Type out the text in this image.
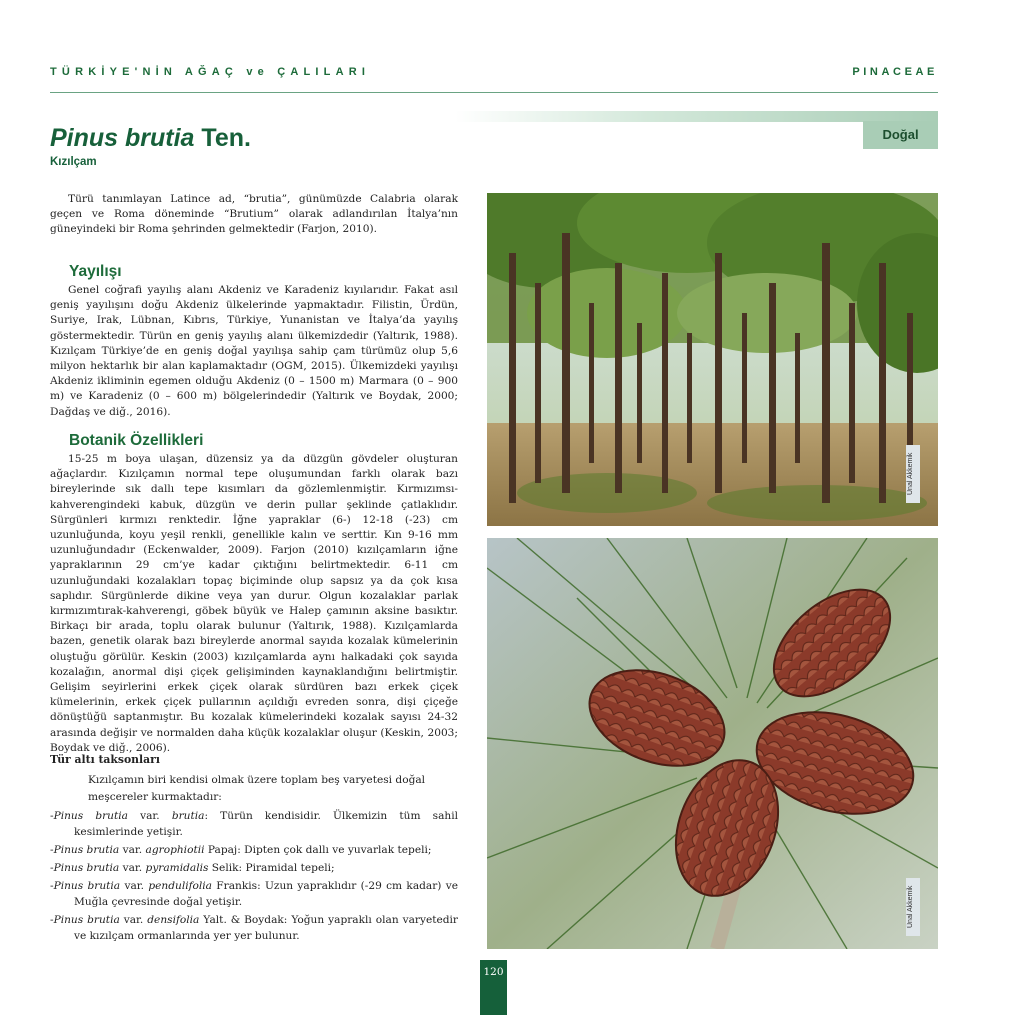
TÜRKİYE'NİN AĞAÇ ve ÇALILARI	PINACEAE
Doğal
Pinus brutia Ten.
Kızılçam

Türü tanımlayan Latince ad, “brutia”, günümüzde Calabria olarak geçen ve Roma döneminde “Brutium” olarak adlandırılan İtalya’nın güneyindeki bir Roma şehrinden gelmektedir (Farjon, 2010).

Yayılışı

Genel coğrafi yayılış alanı Akdeniz ve Karadeniz kıyılarıdır. Fakat asıl geniş yayılışını doğu Akdeniz ülkelerinde yapmaktadır. Filistin, Ürdün, Suriye, Irak, Lübnan, Kıbrıs, Türkiye, Yunanistan ve İtalya’da yayılış göstermektedir. Türün en geniş yayılış alanı ülkemizdedir (Yaltırık, 1988). Kızılçam Türkiye’de en geniş doğal yayılışa sahip çam türümüz olup 5,6 milyon hektarlık bir alan kaplamaktadır (OGM, 2015). Ülkemizdeki yayılışı Akdeniz ikliminin egemen olduğu Akdeniz (0 – 1500 m) Marmara (0 – 900 m) ve Karadeniz (0 – 600 m) bölgelerindedir (Yaltırık ve Boydak, 2000; Dağdaş ve diğ., 2016).

Botanik Özellikleri

15-25 m boya ulaşan, düzensiz ya da düzgün gövdeler oluşturan ağaçlardır. Kızılçamın normal tepe oluşumundan farklı olarak bazı bireylerinde sık dallı tepe kısımları da gözlemlenmiştir. Kırmızımsı-kahverengindeki kabuk, düzgün ve derin pullar şeklinde çatlaklıdır. Sürgünleri kırmızı renktedir. İğne yapraklar (6-) 12-18 (-23) cm uzunluğunda, koyu yeşil renkli, genellikle kalın ve serttir. Kın 9-16 mm uzunluğundadır (Eckenwalder, 2009). Farjon (2010) kızılçamların iğne yapraklarının 29 cm’ye kadar çıktığını belirtmektedir. 6-11 cm uzunluğundaki kozalakları topaç biçiminde olup sapsız ya da çok kısa saplıdır. Sürgünlerde dikine veya yan durur. Olgun kozalaklar parlak kırmızımtırak-kahverengi, göbek büyük ve Halep çamının aksine basıktır. Birkaçı bir arada, toplu olarak bulunur (Yaltırık, 1988). Kızılçamlarda bazen, genetik olarak bazı bireylerde anormal sayıda kozalak kümelerinin oluştuğu görülür. Keskin (2003) kızılçamlarda aynı halkadaki çok sayıda kozalağın, anormal dişi çiçek gelişiminden kaynaklandığını belirtmiştir. Gelişim seyirlerini erkek çiçek olarak sürdüren bazı erkek çiçek kümelerinin, erkek çiçek pullarının açıldığı evreden sonra, dişi çiçeğe dönüştüğü saptanmıştır. Bu kozalak kümelerindeki kozalak sayısı 24-32 arasında değişir ve normalden daha küçük kozalaklar oluşur (Keskin, 2003; Boydak ve diğ., 2006).

Tür altı taksonları
Kızılçamın biri kendisi olmak üzere toplam beş varyetesi doğal meşcereler kurmaktadır:
-Pinus brutia var. brutia: Türün kendisidir. Ülkemizin tüm sahil kesimlerinde yetişir.
-Pinus brutia var. agrophiotii Papaj: Dipten çok dallı ve yuvarlak tepeli;
-Pinus brutia var. pyramidalis Selik: Piramidal tepeli;
-Pinus brutia var. pendulifolia Frankis: Uzun yapraklıdır (-29 cm kadar) ve Muğla çevresinde doğal yetişir.
-Pinus brutia var. densifolia Yalt. & Boydak: Yoğun yapraklı olan varyetedir ve kızılçam ormanlarında yer yer bulunur.
Ünal Akkemik
Ünal Akkemik
120
